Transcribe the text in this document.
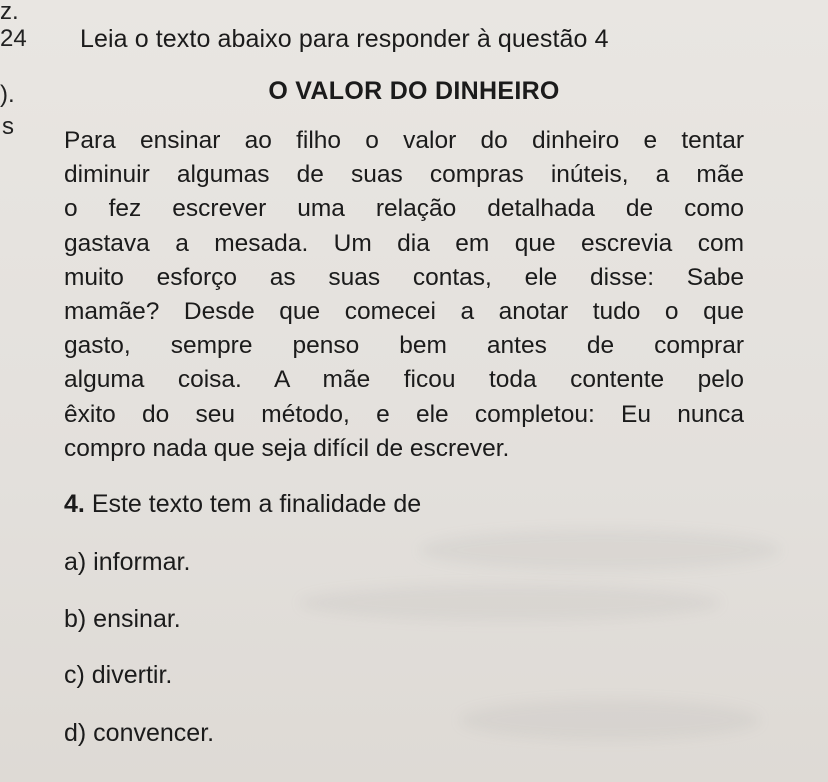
z.
24
).
s
Leia o texto abaixo para responder à questão 4
O VALOR DO DINHEIRO
Para ensinar ao filho o valor do dinheiro e tentar
diminuir algumas de suas compras inúteis, a mãe
o fez escrever uma relação detalhada de como
gastava a mesada. Um dia em que escrevia com
muito esforço as suas contas, ele disse: Sabe
mamãe? Desde que comecei a anotar tudo o que
gasto, sempre penso bem antes de comprar
alguma coisa. A mãe ficou toda contente pelo
êxito do seu método, e ele completou: Eu nunca
compro nada que seja difícil de escrever.
4. Este texto tem a finalidade de
a) informar.
b) ensinar.
c) divertir.
d) convencer.
